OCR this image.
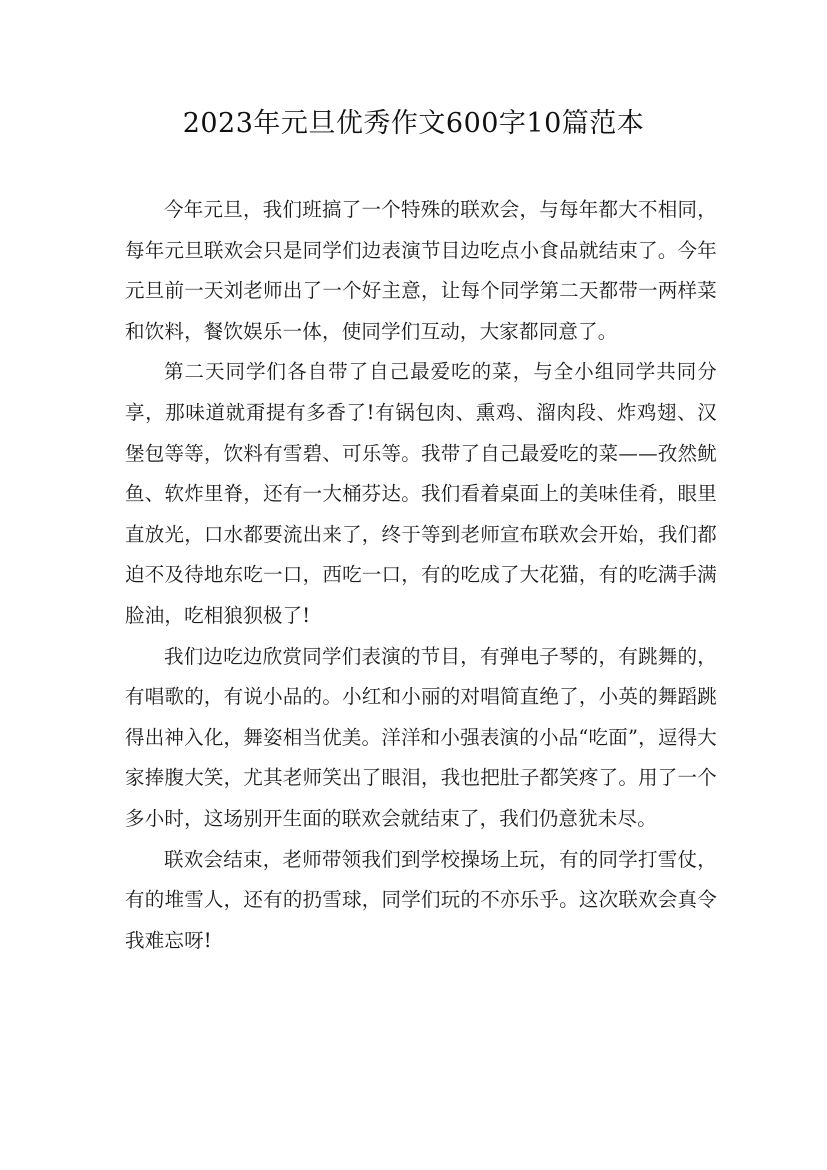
2023年元旦优秀作文600字10篇范本

今年元旦，我们班搞了一个特殊的联欢会，与每年都大不相同，每年元旦联欢会只是同学们边表演节目边吃点小食品就结束了。今年元旦前一天刘老师出了一个好主意，让每个同学第二天都带一两样菜和饮料，餐饮娱乐一体，使同学们互动，大家都同意了。

第二天同学们各自带了自己最爱吃的菜，与全小组同学共同分享，那味道就甭提有多香了!有锅包肉、熏鸡、溜肉段、炸鸡翅、汉堡包等等，饮料有雪碧、可乐等。我带了自己最爱吃的菜——孜然鱿鱼、软炸里脊，还有一大桶芬达。我们看着桌面上的美味佳肴，眼里直放光，口水都要流出来了，终于等到老师宣布联欢会开始，我们都迫不及待地东吃一口，西吃一口，有的吃成了大花猫，有的吃满手满脸油，吃相狼狈极了!

我们边吃边欣赏同学们表演的节目，有弹电子琴的，有跳舞的，有唱歌的，有说小品的。小红和小丽的对唱简直绝了，小英的舞蹈跳得出神入化，舞姿相当优美。洋洋和小强表演的小品“吃面”，逗得大家捧腹大笑，尤其老师笑出了眼泪，我也把肚子都笑疼了。用了一个多小时，这场别开生面的联欢会就结束了，我们仍意犹未尽。

联欢会结束，老师带领我们到学校操场上玩，有的同学打雪仗，有的堆雪人，还有的扔雪球，同学们玩的不亦乐乎。这次联欢会真令我难忘呀!
